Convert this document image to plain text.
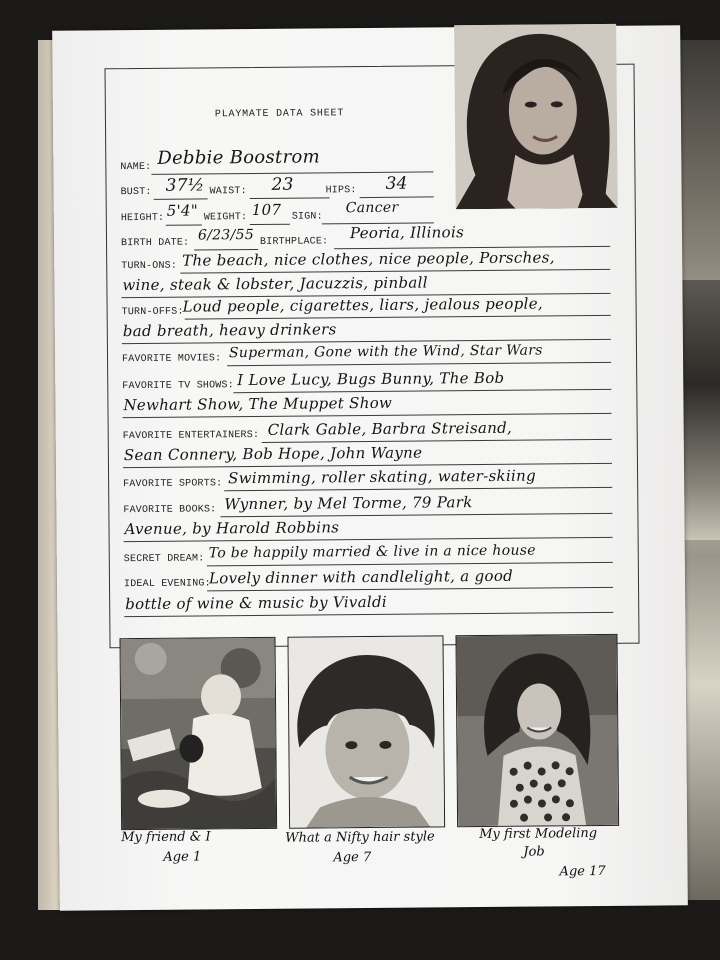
PLAYMATE DATA SHEET
NAME: Debbie Boostrom
BUST: 37½ WAIST: 23	HIPS: 34
HEIGHT: 5'4" WEIGHT: 107 SIGN:
Cancer
BIRTH DATE: 6/23/55 BIRTHPLACE: Peoria, Illinois
TURN-ONS: The beach, nice clothes, nice people, Porsches,
wine, steak & lobster, Jacuzzis, pinball
TURN-OFFS:
Loud people, cigarettes, liars, jealous people,
bad breath, heavy drinkers
FAVORITE MOVIES: Superman, Gone with the Wind, Star Wars
FAVORITE TV SHOWS: I Love Lucy, Bugs Bunny, The Bob
Newhart Show, The Muppet Show
FAVORITE ENTERTAINERS: Clark Gable, Barbra Streisand,
Sean Connery, Bob Hope, John Wayne
FAVORITE SPORTS: Swimming, roller skating, water-skiing
FAVORITE BOOKS: Wynner, by Mel Torme, 79 Park
Avenue, by Harold Robbins
SECRET DREAM: To be happily married & live in a nice house
IDEAL EVENING:
Lovely dinner with candlelight, a good
bottle of wine & music by Vivaldi
My friend & I
Age 1
What a Nifty hair style
Age 7
My first Modeling
Job
Age 17
